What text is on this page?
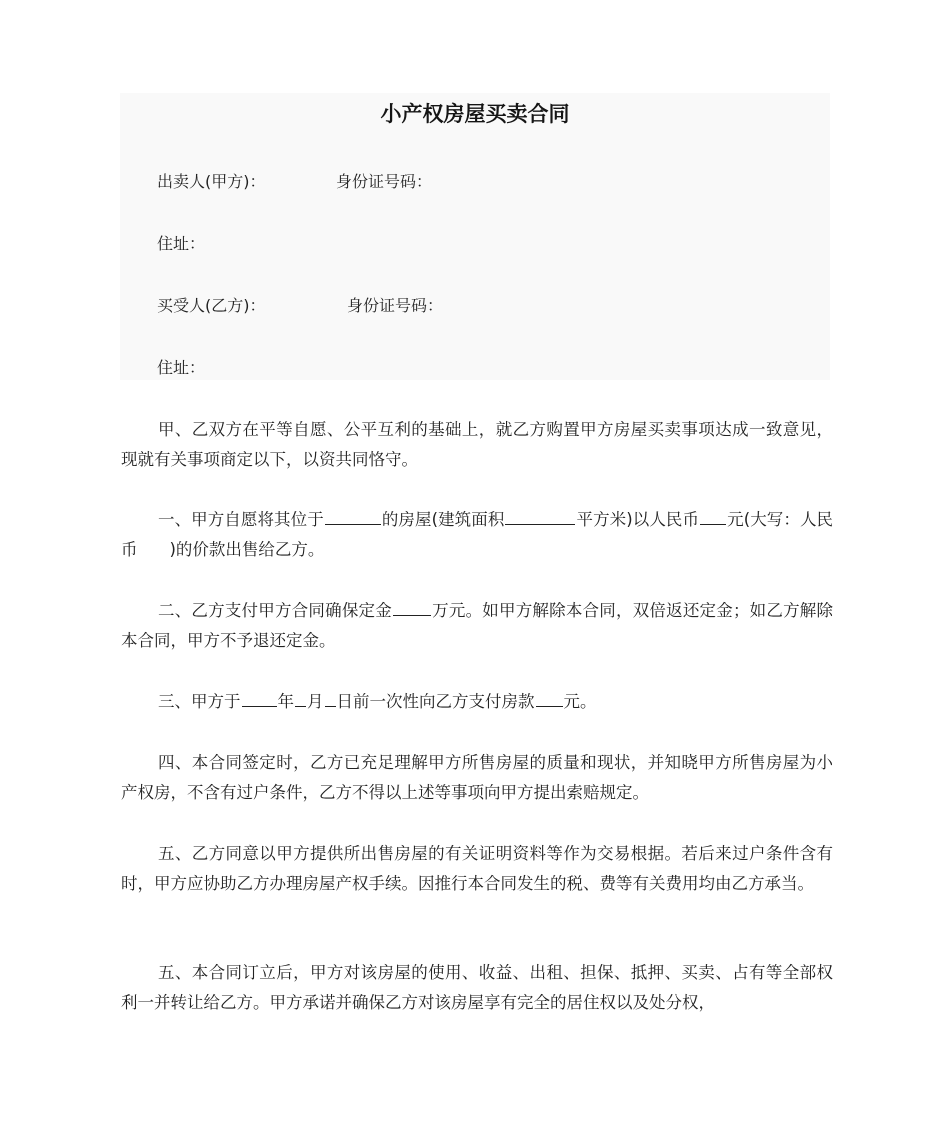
小产权房屋买卖合同
出卖人(甲方)：	身份证号码：
住址：
买受人(乙方)：	身份证号码：
住址：

甲、乙双方在平等自愿、公平互利的基础上，就乙方购置甲方房屋买卖事项达成一致意见，现就有关事项商定以下，以资共同恪守。

一、甲方自愿将其位于	的房屋(建筑面积	平方米)以人民币 元(大写：人民币 )的价款出售给乙方。

二、乙方支付甲方合同确保定金 万元。如甲方解除本合同，双倍返还定金；如乙方解除本合同，甲方不予退还定金。

三、甲方于 年 月 日前一次性向乙方支付房款 元。

四、本合同签定时，乙方已充足理解甲方所售房屋的质量和现状，并知晓甲方所售房屋为小产权房，不含有过户条件，乙方不得以上述等事项向甲方提出索赔规定。

五、乙方同意以甲方提供所出售房屋的有关证明资料等作为交易根据。若后来过户条件含有时，甲方应协助乙方办理房屋产权手续。因推行本合同发生的税、费等有关费用均由乙方承当。

五、本合同订立后，甲方对该房屋的使用、收益、出租、担保、抵押、买卖、占有等全部权利一并转让给乙方。甲方承诺并确保乙方对该房屋享有完全的居住权以及处分权，
